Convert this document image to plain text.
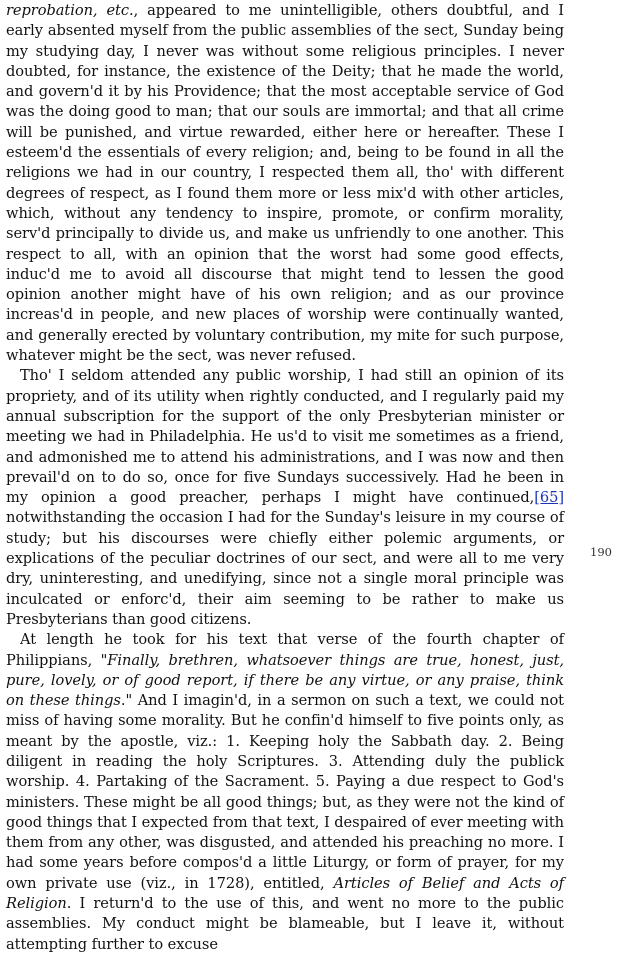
reprobation, etc., appeared to me unintelligible, others doubtful, and I early absented myself from the public assemblies of the sect, Sunday being my studying day, I never was without some religious principles. I never doubted, for instance, the existence of the Deity; that he made the world, and govern'd it by his Providence; that the most acceptable service of God was the doing good to man; that our souls are immortal; and that all crime will be punished, and virtue rewarded, either here or hereafter. These I esteem'd the essentials of every religion; and, being to be found in all the religions we had in our country, I respected them all, tho' with different degrees of respect, as I found them more or less mix'd with other articles, which, without any tendency to inspire, promote, or confirm morality, serv'd principally to divide us, and make us unfriendly to one another. This respect to all, with an opinion that the worst had some good effects, induc'd me to avoid all discourse that might tend to lessen the good opinion another might have of his own religion; and as our province increas'd in people, and new places of worship were continually wanted, and generally erected by voluntary contribution, my mite for such purpose, whatever might be the sect, was never refused.

Tho' I seldom attended any public worship, I had still an opinion of its propriety, and of its utility when rightly conducted, and I regularly paid my annual subscription for the support of the only Presbyterian minister or meeting we had in Philadelphia. He us'd to visit me sometimes as a friend, and admonished me to attend his administrations, and I was now and then prevail'd on to do so, once for five Sundays successively. Had he been in my opinion a good preacher, perhaps I might have continued,[65] notwithstanding the occasion I had for the Sunday's leisure in my course of study; but his discourses were chiefly either polemic arguments, or explications of the peculiar doctrines of our sect, and were all to me very dry, uninteresting, and unedifying, since not a single moral principle was inculcated or enforc'd, their aim seeming to be rather to make us Presbyterians than good citizens.

At length he took for his text that verse of the fourth chapter of Philippians, "Finally, brethren, whatsoever things are true, honest, just, pure, lovely, or of good report, if there be any virtue, or any praise, think on these things." And I imagin'd, in a sermon on such a text, we could not miss of having some morality. But he confin'd himself to five points only, as meant by the apostle, viz.: 1. Keeping holy the Sabbath day. 2. Being diligent in reading the holy Scriptures. 3. Attending duly the publick worship. 4. Partaking of the Sacrament. 5. Paying a due respect to God's ministers. These might be all good things; but, as they were not the kind of good things that I expected from that text, I despaired of ever meeting with them from any other, was disgusted, and attended his preaching no more. I had some years before compos'd a little Liturgy, or form of prayer, for my own private use (viz., in 1728), entitled, Articles of Belief and Acts of Religion. I return'd to the use of this, and went no more to the public assemblies. My conduct might be blameable, but I leave it, without attempting further to excuse

190
